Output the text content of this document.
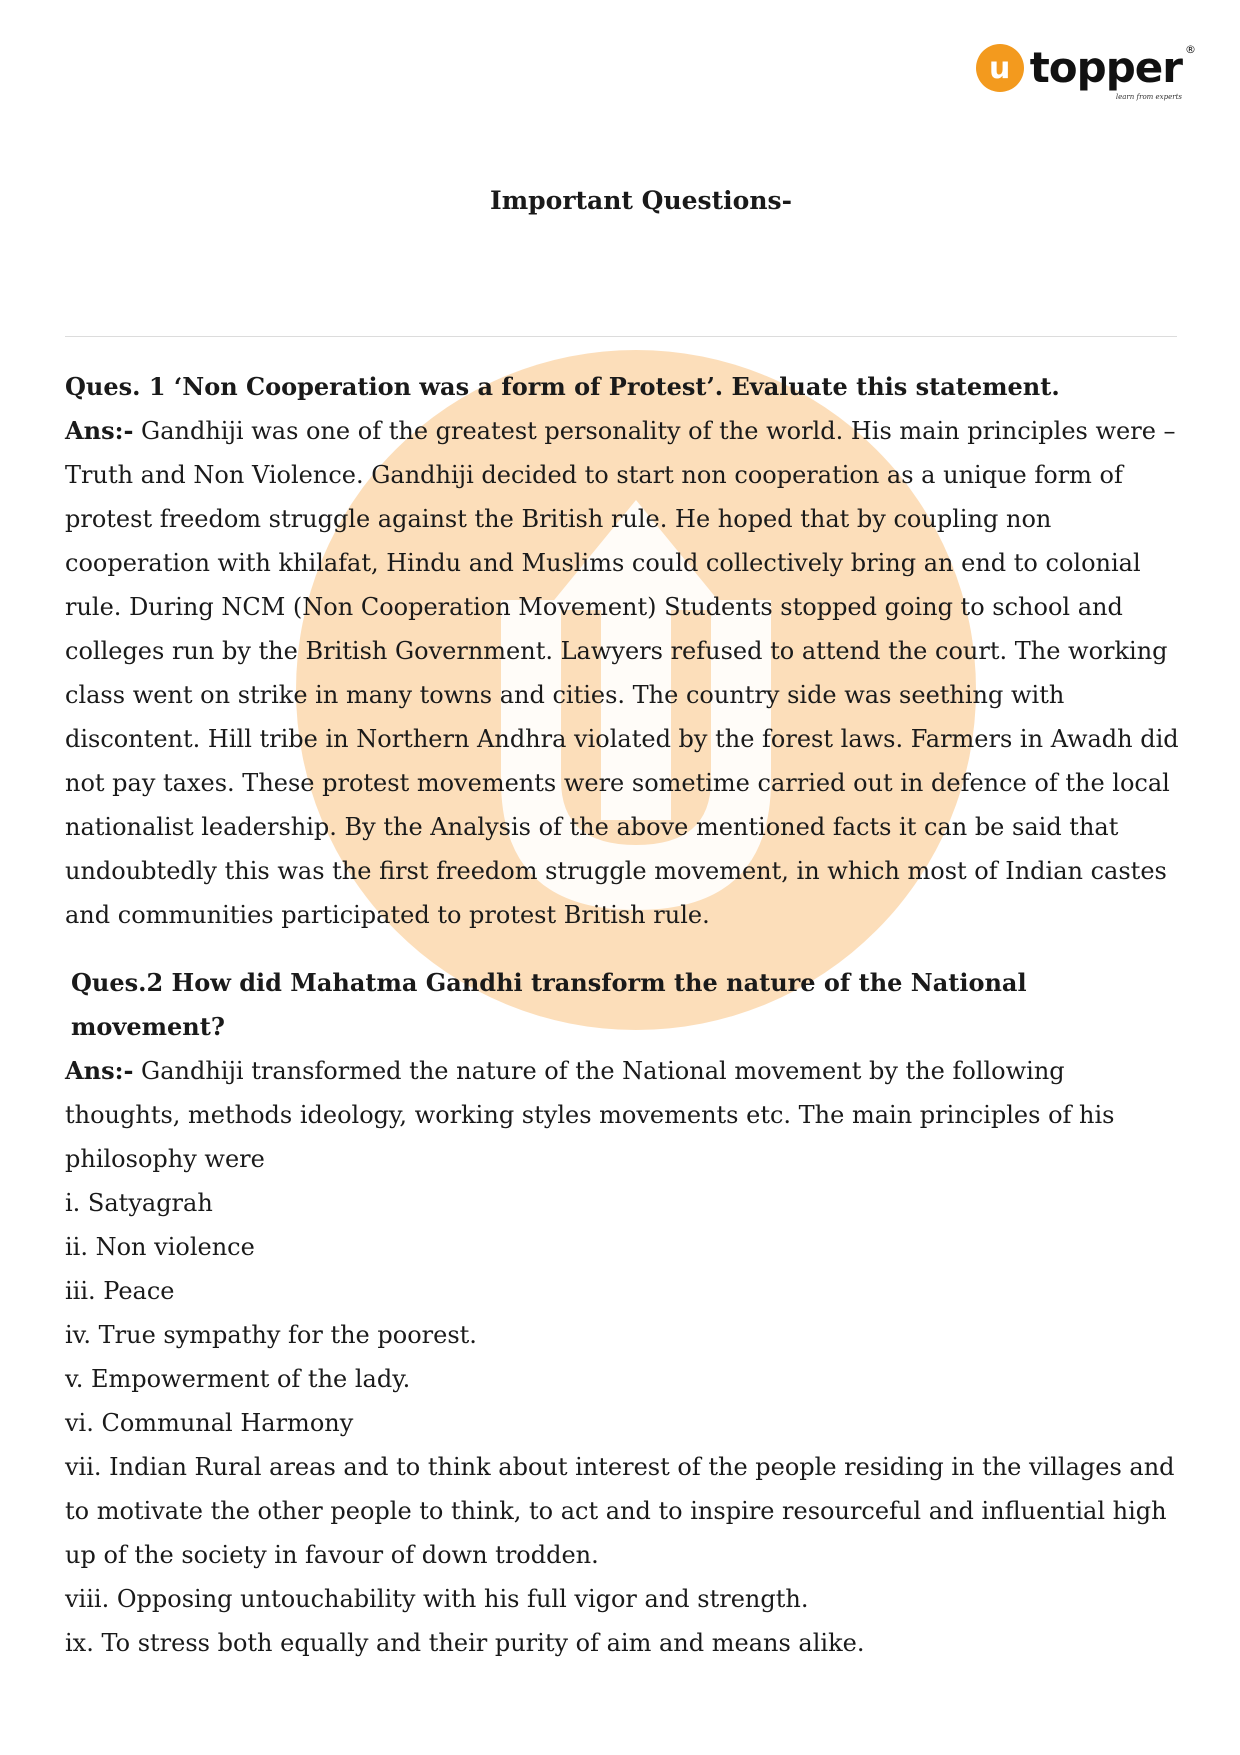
u topper ®
learn from experts
Important Questions-

Ques. 1 ‘Non Cooperation was a form of Protest’. Evaluate this statement.

Ans:- Gandhiji was one of the greatest personality of the world. His main principles were – Truth and Non Violence. Gandhiji decided to start non cooperation as a unique form of protest freedom struggle against the British rule. He hoped that by coupling non cooperation with khilafat, Hindu and Muslims could collectively bring an end to colonial rule. During NCM (Non Cooperation Movement) Students stopped going to school and colleges run by the British Government. Lawyers refused to attend the court. The working class went on strike in many towns and cities. The country side was seething with discontent. Hill tribe in Northern Andhra violated by the forest laws. Farmers in Awadh did not pay taxes. These protest movements were sometime carried out in defence of the local nationalist leadership. By the Analysis of the above mentioned facts it can be said that undoubtedly this was the first freedom struggle movement, in which most of Indian castes and communities participated to protest British rule.

Ques.2 How did Mahatma Gandhi transform the nature of the National movement?

Ans:- Gandhiji transformed the nature of the National movement by the following thoughts, methods ideology, working styles movements etc. The main principles of his philosophy were

i. Satyagrah
ii. Non violence
iii. Peace
iv. True sympathy for the poorest.
v. Empowerment of the lady.
vi. Communal Harmony
vii. Indian Rural areas and to think about interest of the people residing in the villages and to motivate the other people to think, to act and to inspire resourceful and influential high up of the society in favour of down trodden.
viii. Opposing untouchability with his full vigor and strength.
ix. To stress both equally and their purity of aim and means alike.
